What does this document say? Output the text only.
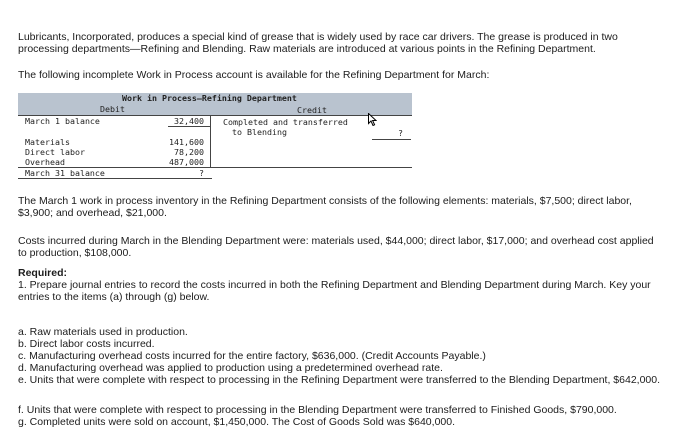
Lubricants, Incorporated, produces a special kind of grease that is widely used by race car drivers. The grease is produced in two processing departments—Refining and Blending. Raw materials are introduced at various points in the Refining Department.

The following incomplete Work in Process account is available for the Refining Department for March:

Work in Process—Refining Department
Debit	Credit
March 1 balance	32,400
Materials	141,600
Direct labor	78,200
Overhead	487,000
March 31 balance	?
Completed and transferred
to Blending	?

The March 1 work in process inventory in the Refining Department consists of the following elements: materials, $7,500; direct labor, $3,900; and overhead, $21,000.

Costs incurred during March in the Blending Department were: materials used, $44,000; direct labor, $17,000; and overhead cost applied to production, $108,000.

Required:

1. Prepare journal entries to record the costs incurred in both the Refining Department and Blending Department during March. Key your entries to the items (a) through (g) below.

a. Raw materials used in production.
b. Direct labor costs incurred.
c. Manufacturing overhead costs incurred for the entire factory, $636,000. (Credit Accounts Payable.)
d. Manufacturing overhead was applied to production using a predetermined overhead rate.
e. Units that were complete with respect to processing in the Refining Department were transferred to the Blending Department, $642,000.
f. Units that were complete with respect to processing in the Blending Department were transferred to Finished Goods, $790,000.
g. Completed units were sold on account, $1,450,000. The Cost of Goods Sold was $640,000.
